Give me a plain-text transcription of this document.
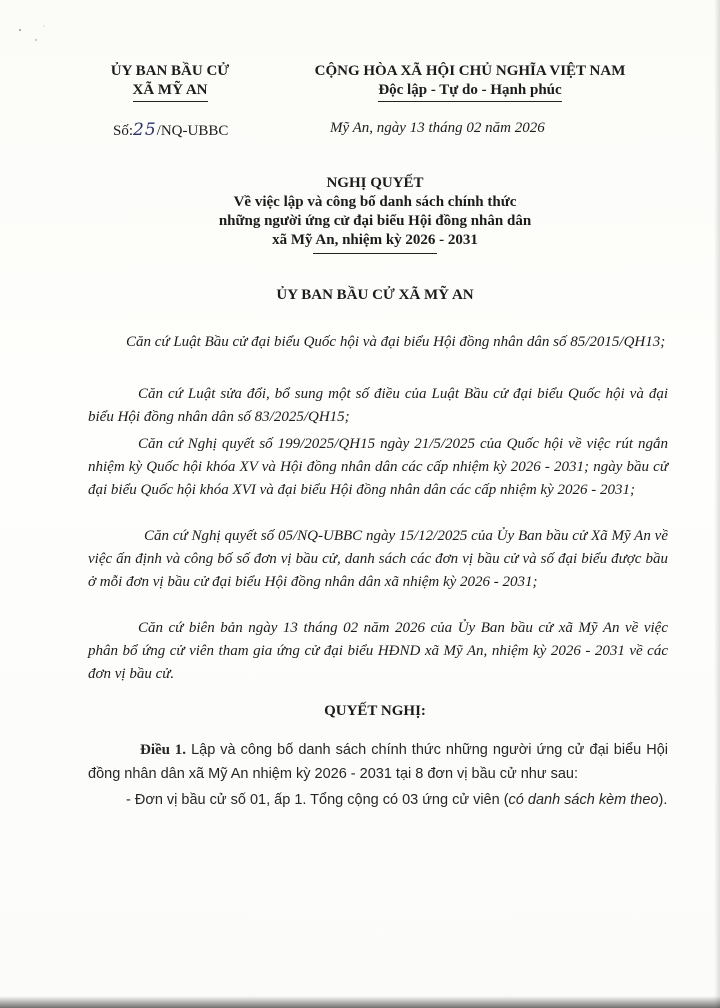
ỦY BAN BẦU CỬ
XÃ MỸ AN
CỘNG HÒA XÃ HỘI CHỦ NGHĨA VIỆT NAM
Độc lập - Tự do - Hạnh phúc
Số:25/NQ-UBBC	Mỹ An, ngày 13 tháng 02 năm 2026
NGHỊ QUYẾT
Về việc lập và công bố danh sách chính thức
những người ứng cử đại biểu Hội đồng nhân dân
xã Mỹ An, nhiệm kỳ 2026 - 2031
ỦY BAN BẦU CỬ XÃ MỸ AN
Căn cứ Luật Bầu cử đại biểu Quốc hội và đại biểu Hội đồng nhân dân số 85/2015/QH13;
Căn cứ Luật sửa đổi, bổ sung một số điều của Luật Bầu cử đại biểu Quốc hội và đại biểu Hội đồng nhân dân số 83/2025/QH15;
Căn cứ Nghị quyết số 199/2025/QH15 ngày 21/5/2025 của Quốc hội về việc rút ngắn nhiệm kỳ Quốc hội khóa XV và Hội đồng nhân dân các cấp nhiệm kỳ 2026 - 2031; ngày bầu cử đại biểu Quốc hội khóa XVI và đại biểu Hội đồng nhân dân các cấp nhiệm kỳ 2026 - 2031;
Căn cứ Nghị quyết số 05/NQ-UBBC ngày 15/12/2025 của Ủy Ban bầu cử Xã Mỹ An về việc ấn định và công bố số đơn vị bầu cử, danh sách các đơn vị bầu cử và số đại biểu được bầu ở mỗi đơn vị bầu cử đại biểu Hội đồng nhân dân xã nhiệm kỳ 2026 - 2031;
Căn cứ biên bản ngày 13 tháng 02 năm 2026 của Ủy Ban bầu cử xã Mỹ An về việc phân bổ ứng cử viên tham gia ứng cử đại biểu HĐND xã Mỹ An, nhiệm kỳ 2026 - 2031 về các đơn vị bầu cử.
QUYẾT NGHỊ:
Điều 1. Lập và công bố danh sách chính thức những người ứng cử đại biểu Hội đồng nhân dân xã Mỹ An nhiệm kỳ 2026 - 2031 tại 8 đơn vị bầu cử như sau:
- Đơn vị bầu cử số 01, ấp 1. Tổng cộng có 03 ứng cử viên (có danh sách kèm theo).
